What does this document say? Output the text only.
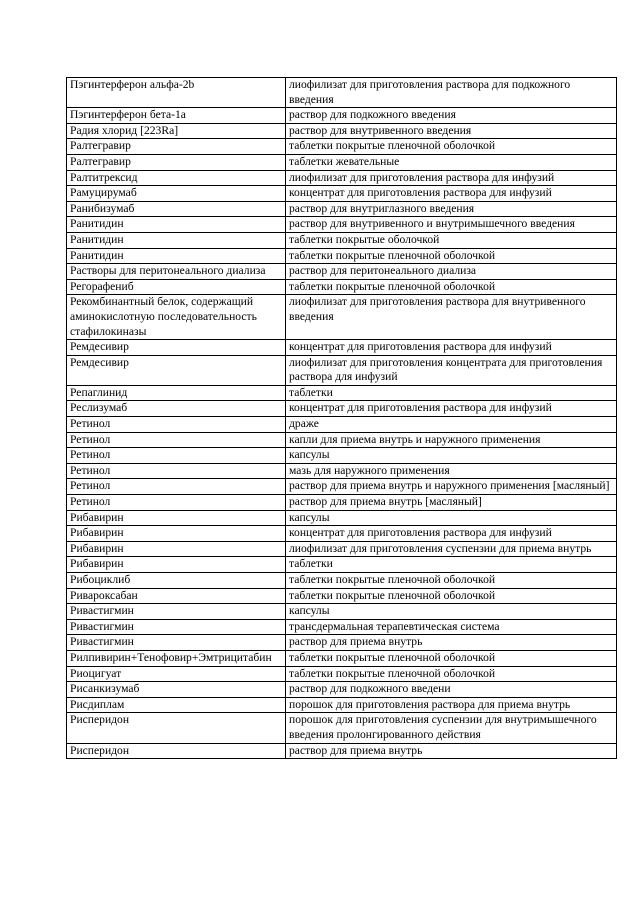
Пэгинтерферон альфа-2b	лиофилизат для приготовления раствора для подкожного введения
Пэгинтерферон бета-1а	раствор для подкожного введения
Радия хлорид [223Ra]	раствор для внутривенного введения
Ралтегравир	таблетки покрытые пленочной оболочкой
Ралтегравир	таблетки жевательные
Ралтитрексид	лиофилизат для приготовления раствора для инфузий
Рамуцирумаб	концентрат для приготовления раствора для инфузий
Ранибизумаб	раствор для внутриглазного введения
Ранитидин	раствор для внутривенного и внутримышечного введения
Ранитидин	таблетки покрытые оболочкой
Ранитидин	таблетки покрытые пленочной оболочкой
Растворы для перитонеального диализа	раствор для перитонеального диализа
Регорафениб	таблетки покрытые пленочной оболочкой
Рекомбинантный белок, содержащий аминокислотную последовательность стафилокиназы	лиофилизат для приготовления раствора для внутривенного введения
Ремдесивир	концентрат для приготовления раствора для инфузий
Ремдесивир	лиофилизат для приготовления концентрата для приготовления раствора для инфузий
Репаглинид	таблетки
Реслизумаб	концентрат для приготовления раствора для инфузий
Ретинол	драже
Ретинол	капли для приема внутрь и наружного применения
Ретинол	капсулы
Ретинол	мазь для наружного применения
Ретинол	раствор для приема внутрь и наружного применения [масляный]
Ретинол	раствор для приема внутрь [масляный]
Рибавирин	капсулы
Рибавирин	концентрат для приготовления раствора для инфузий
Рибавирин	лиофилизат для приготовления суспензии для приема внутрь
Рибавирин	таблетки
Рибоциклиб	таблетки покрытые пленочной оболочкой
Ривароксабан	таблетки покрытые пленочной оболочкой
Ривастигмин	капсулы
Ривастигмин	трансдермальная терапевтическая система
Ривастигмин	раствор для приема внутрь
Рилпивирин+Тенофовир+Эмтрицитабин	таблетки покрытые пленочной оболочкой
Риоцигуат	таблетки покрытые пленочной оболочкой
Рисанкизумаб	раствор для подкожного введени
Рисдиплам	порошок для приготовления раствора для приема внутрь
Рисперидон	порошок для приготовления суспензии для внутримышечного введения пролонгированного действия
Рисперидон	раствор для приема внутрь
